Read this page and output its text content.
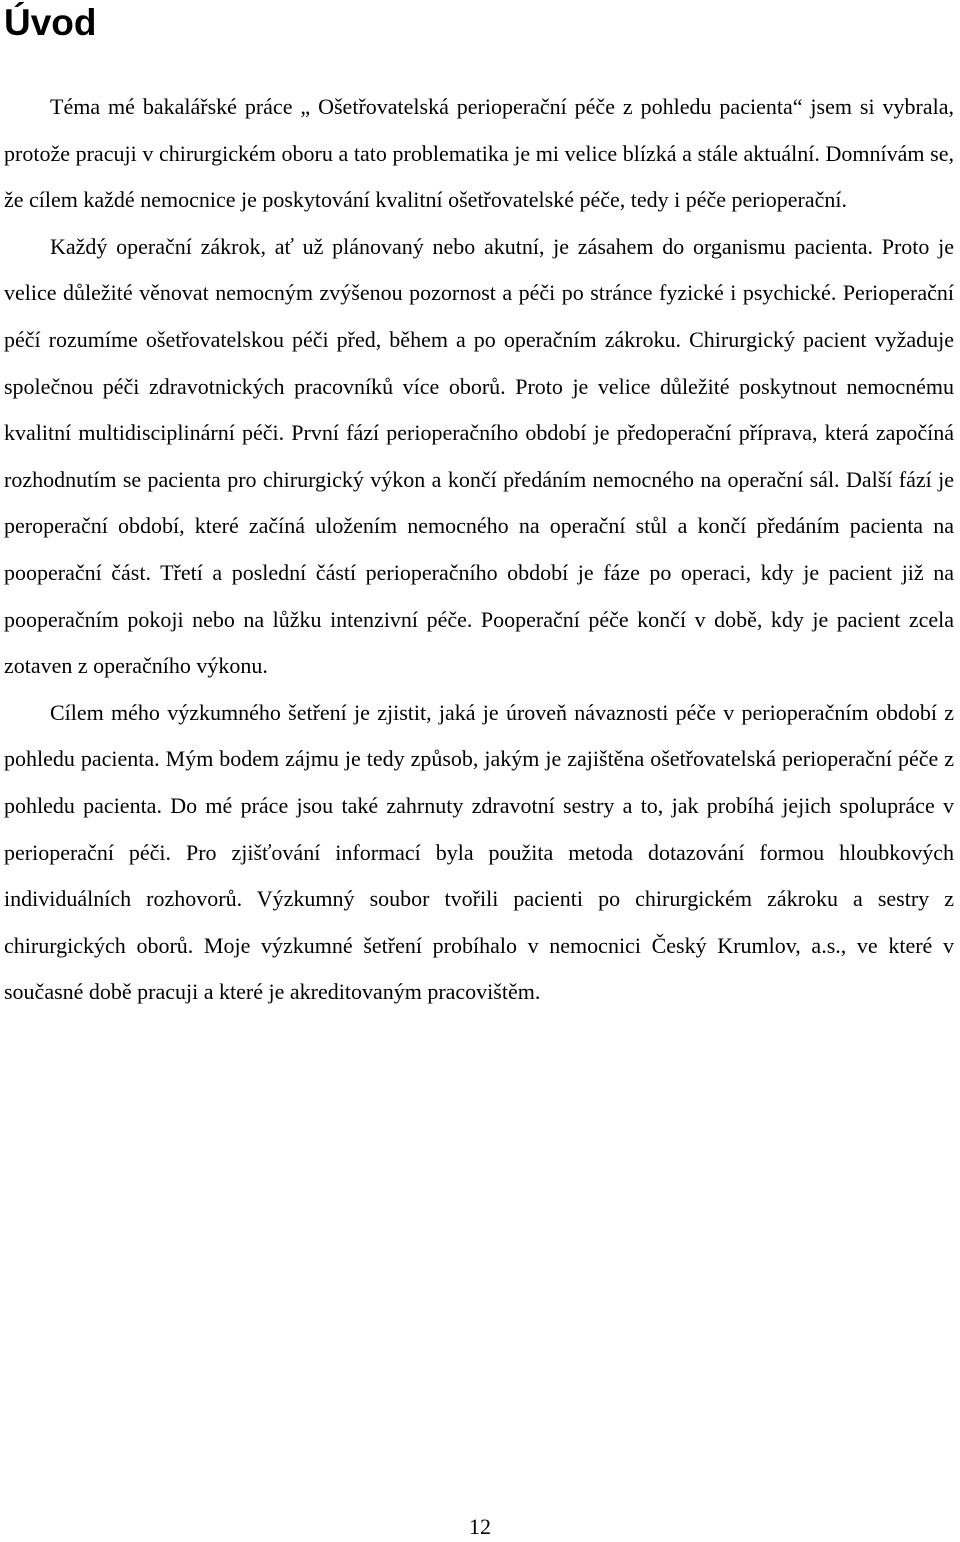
Úvod

Téma mé bakalářské práce „ Ošetřovatelská perioperační péče z pohledu pacienta“ jsem si vybrala, protože pracuji v chirurgickém oboru a tato problematika je mi velice blízká a stále aktuální. Domnívám se, že cílem každé nemocnice je poskytování kvalitní ošetřovatelské péče, tedy i péče perioperační.

Každý operační zákrok, ať už plánovaný nebo akutní, je zásahem do organismu pacienta. Proto je velice důležité věnovat nemocným zvýšenou pozornost a péči po stránce fyzické i psychické. Perioperační péčí rozumíme ošetřovatelskou péči před, během a po operačním zákroku. Chirurgický pacient vyžaduje společnou péči zdravotnických pracovníků více oborů. Proto je velice důležité poskytnout nemocnému kvalitní multidisciplinární péči. První fází perioperačního období je předoperační příprava, která započíná rozhodnutím se pacienta pro chirurgický výkon a končí předáním nemocného na operační sál. Další fází je peroperační období, které začíná uložením nemocného na operační stůl a končí předáním pacienta na pooperační část. Třetí a poslední částí perioperačního období je fáze po operaci, kdy je pacient již na pooperačním pokoji nebo na lůžku intenzivní péče. Pooperační péče končí v době, kdy je pacient zcela zotaven z operačního výkonu.

Cílem mého výzkumného šetření je zjistit, jaká je úroveň návaznosti péče v perioperačním období z pohledu pacienta. Mým bodem zájmu je tedy způsob, jakým je zajištěna ošetřovatelská perioperační péče z pohledu pacienta. Do mé práce jsou také zahrnuty zdravotní sestry a to, jak probíhá jejich spolupráce v perioperační péči. Pro zjišťování informací byla použita metoda dotazování formou hloubkových individuálních rozhovorů. Výzkumný soubor tvořili pacienti po chirurgickém zákroku a sestry z chirurgických oborů. Moje výzkumné šetření probíhalo v nemocnici Český Krumlov, a.s., ve které v současné době pracuji a které je akreditovaným pracovištěm.

12
